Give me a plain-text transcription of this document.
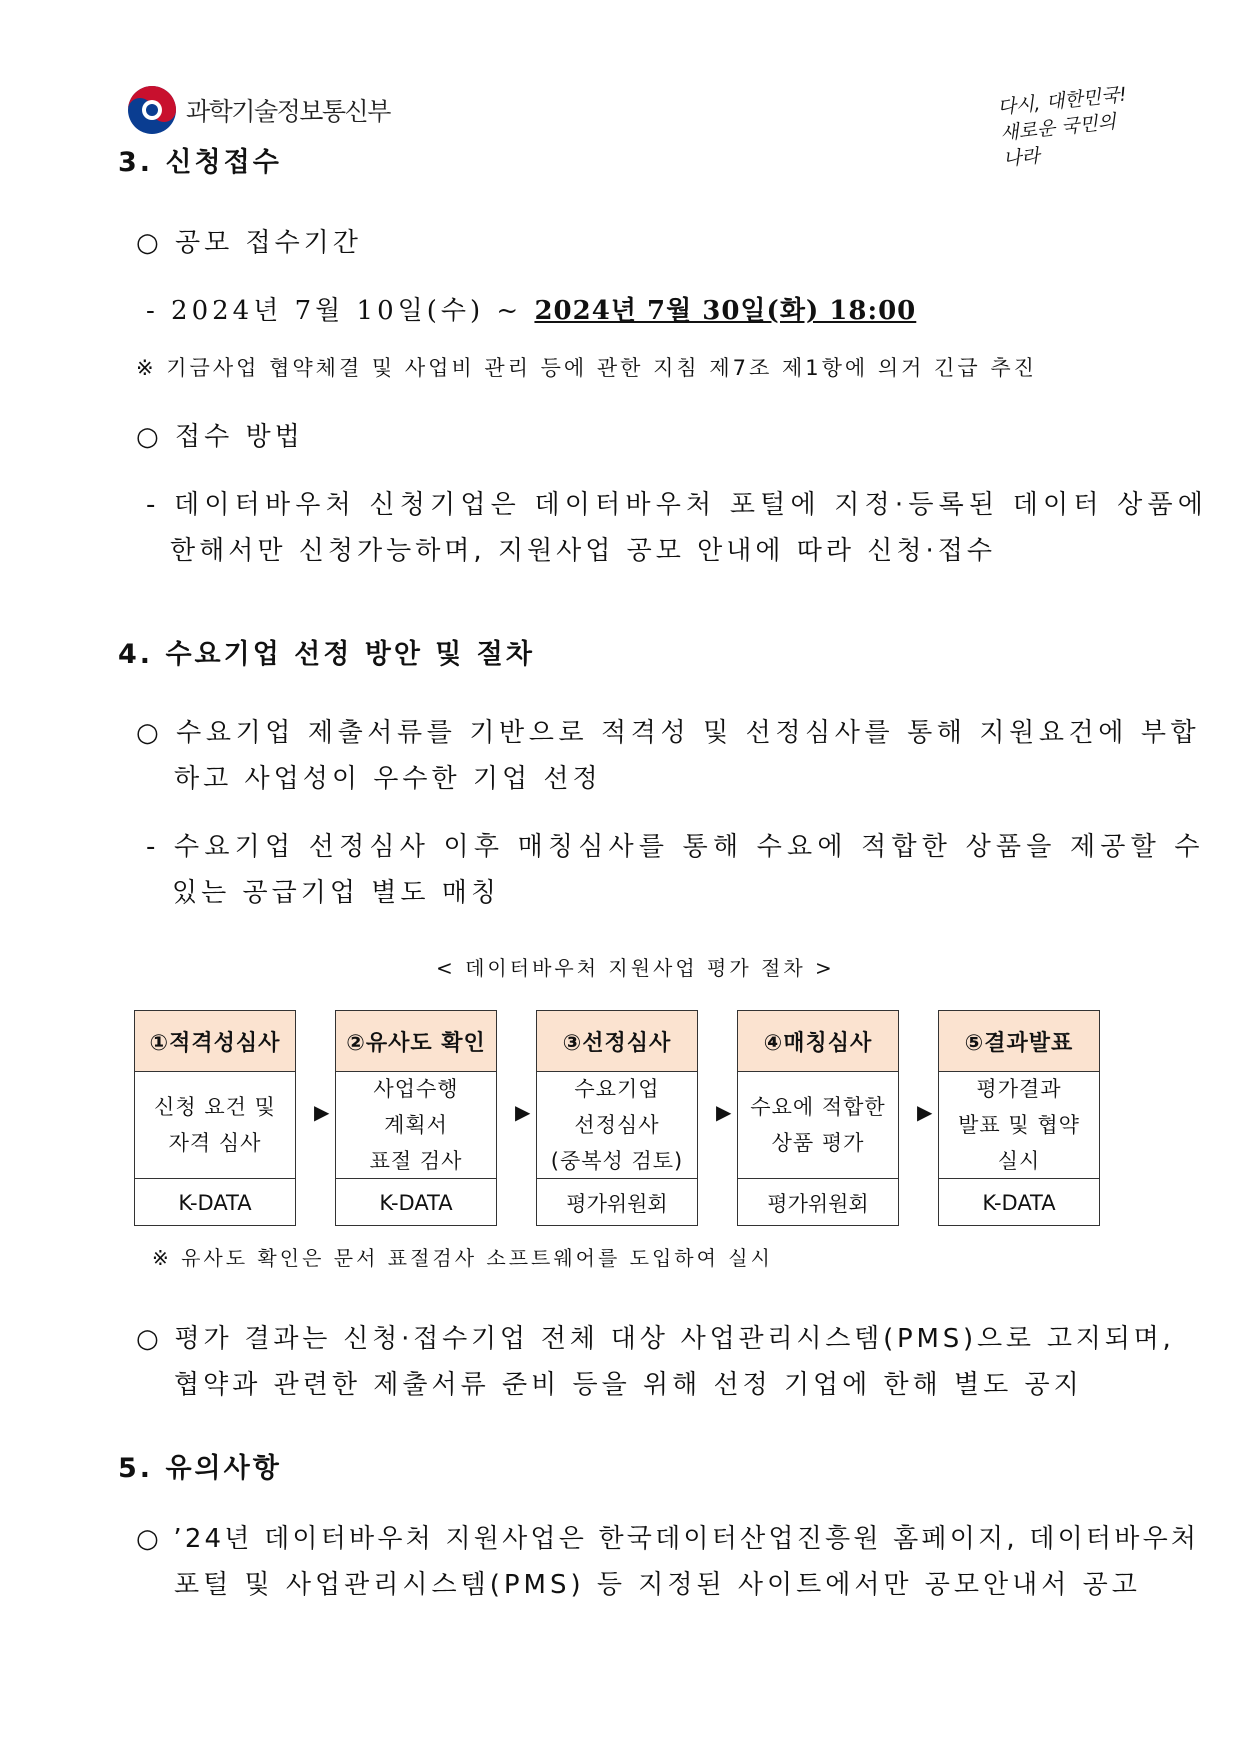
과학기술정보통신부	다시, 대한민국!
새로운 국민의 나라
3. 신청접수
○ 공모 접수기간
- 2024년 7월 10일(수) ~ 2024년 7월 30일(화) 18:00
※ 기금사업 협약체결 및 사업비 관리 등에 관한 지침 제7조 제1항에 의거 긴급 추진
○ 접수 방법
- 데이터바우처 신청기업은 데이터바우처 포털에 지정·등록된 데이터 상품에
한해서만 신청가능하며, 지원사업 공모 안내에 따라 신청·접수
4. 수요기업 선정 방안 및 절차
○ 수요기업 제출서류를 기반으로 적격성 및 선정심사를 통해 지원요건에 부합
하고 사업성이 우수한 기업 선정
- 수요기업 선정심사 이후 매칭심사를 통해 수요에 적합한 상품을 제공할 수
있는 공급기업 별도 매칭
< 데이터바우처 지원사업 평가 절차 >
①적격성심사
신청 요건 및
자격 심사
K-DATA
▶
②유사도 확인
사업수행
계획서
표절 검사
K-DATA
▶
③선정심사
수요기업
선정심사
(중복성 검토)
평가위원회
▶
④매칭심사
수요에 적합한
상품 평가
평가위원회
▶
⑤결과발표
평가결과
발표 및 협약
실시
K-DATA
※ 유사도 확인은 문서 표절검사 소프트웨어를 도입하여 실시
○ 평가 결과는 신청·접수기업 전체 대상 사업관리시스템(PMS)으로 고지되며,
협약과 관련한 제출서류 준비 등을 위해 선정 기업에 한해 별도 공지
5. 유의사항
○ ’24년 데이터바우처 지원사업은 한국데이터산업진흥원 홈페이지, 데이터바우처
포털 및 사업관리시스템(PMS) 등 지정된 사이트에서만 공모안내서 공고
